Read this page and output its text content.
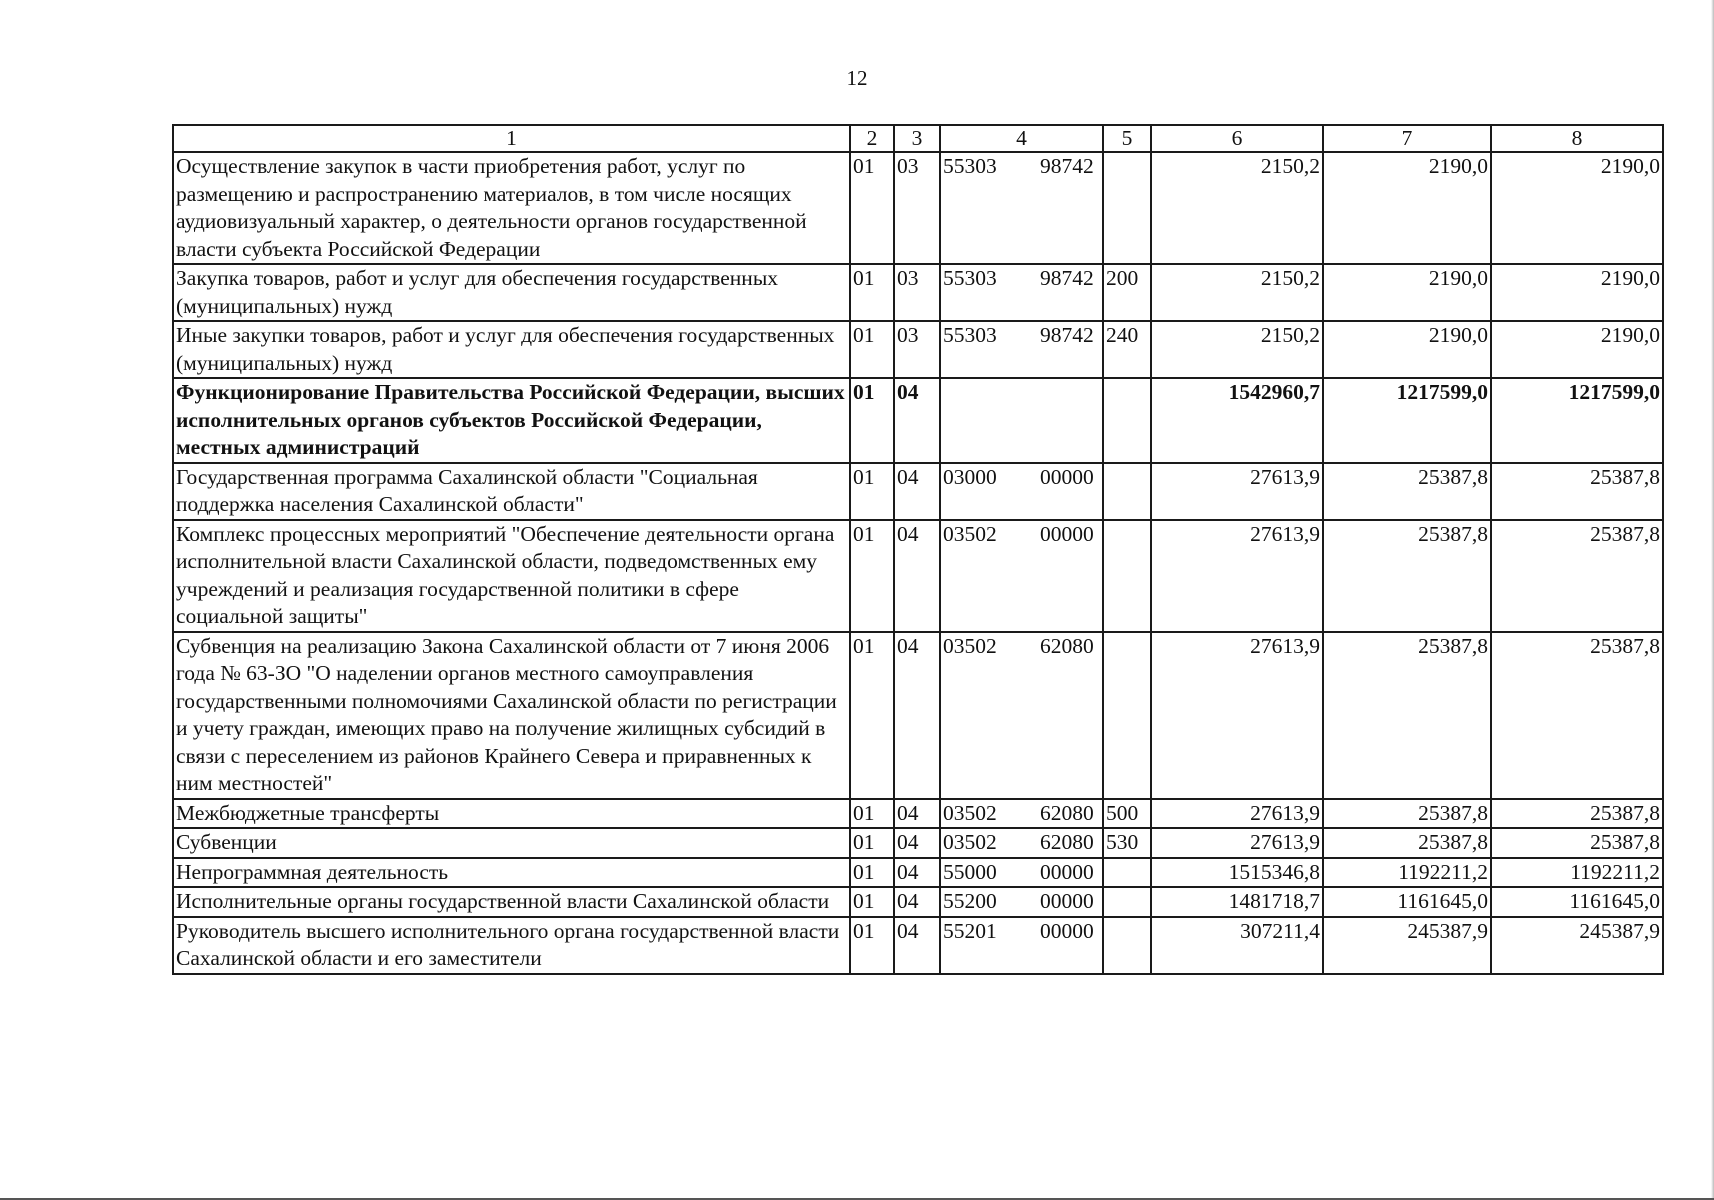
12
1	2	3	4	5	6	7	8
Осуществление закупок в части приобретения работ, услуг по размещению и распространению материалов, в том числе носящих аудиовизуальный характер, о деятельности органов государственной власти субъекта Российской Федерации	01	03	55303 98742		2150,2	2190,0	2190,0
Закупка товаров, работ и услуг для обеспечения государственных (муниципальных) нужд	01	03	55303 98742	200	2150,2	2190,0	2190,0
Иные закупки товаров, работ и услуг для обеспечения государственных (муниципальных) нужд	01	03	55303 98742	240	2150,2	2190,0	2190,0
Функционирование Правительства Российской Федерации, высших исполнительных органов субъектов Российской Федерации, местных администраций	01	04			1542960,7	1217599,0	1217599,0
Государственная программа Сахалинской области "Социальная поддержка населения Сахалинской области"	01	04	03000 00000		27613,9	25387,8	25387,8
Комплекс процессных мероприятий "Обеспечение деятельности органа исполнительной власти Сахалинской области, подведомственных ему учреждений и реализация государственной политики в сфере социальной защиты"	01	04	03502 00000		27613,9	25387,8	25387,8
Субвенция на реализацию Закона Сахалинской области от 7 июня 2006 года № 63-ЗО "О наделении органов местного самоуправления государственными полномочиями Сахалинской области по регистрации и учету граждан, имеющих право на получение жилищных субсидий в связи с переселением из районов Крайнего Севера и приравненных к ним местностей"	01	04	03502 62080		27613,9	25387,8	25387,8
Межбюджетные трансферты	01	04	03502 62080	500	27613,9	25387,8	25387,8
Субвенции	01	04	03502 62080	530	27613,9	25387,8	25387,8
Непрограммная деятельность	01	04	55000 00000		1515346,8	1192211,2	1192211,2
Исполнительные органы государственной власти Сахалинской области	01	04	55200 00000		1481718,7	1161645,0	1161645,0
Руководитель высшего исполнительного органа государственной власти Сахалинской области и его заместители	01	04	55201 00000		307211,4	245387,9	245387,9
